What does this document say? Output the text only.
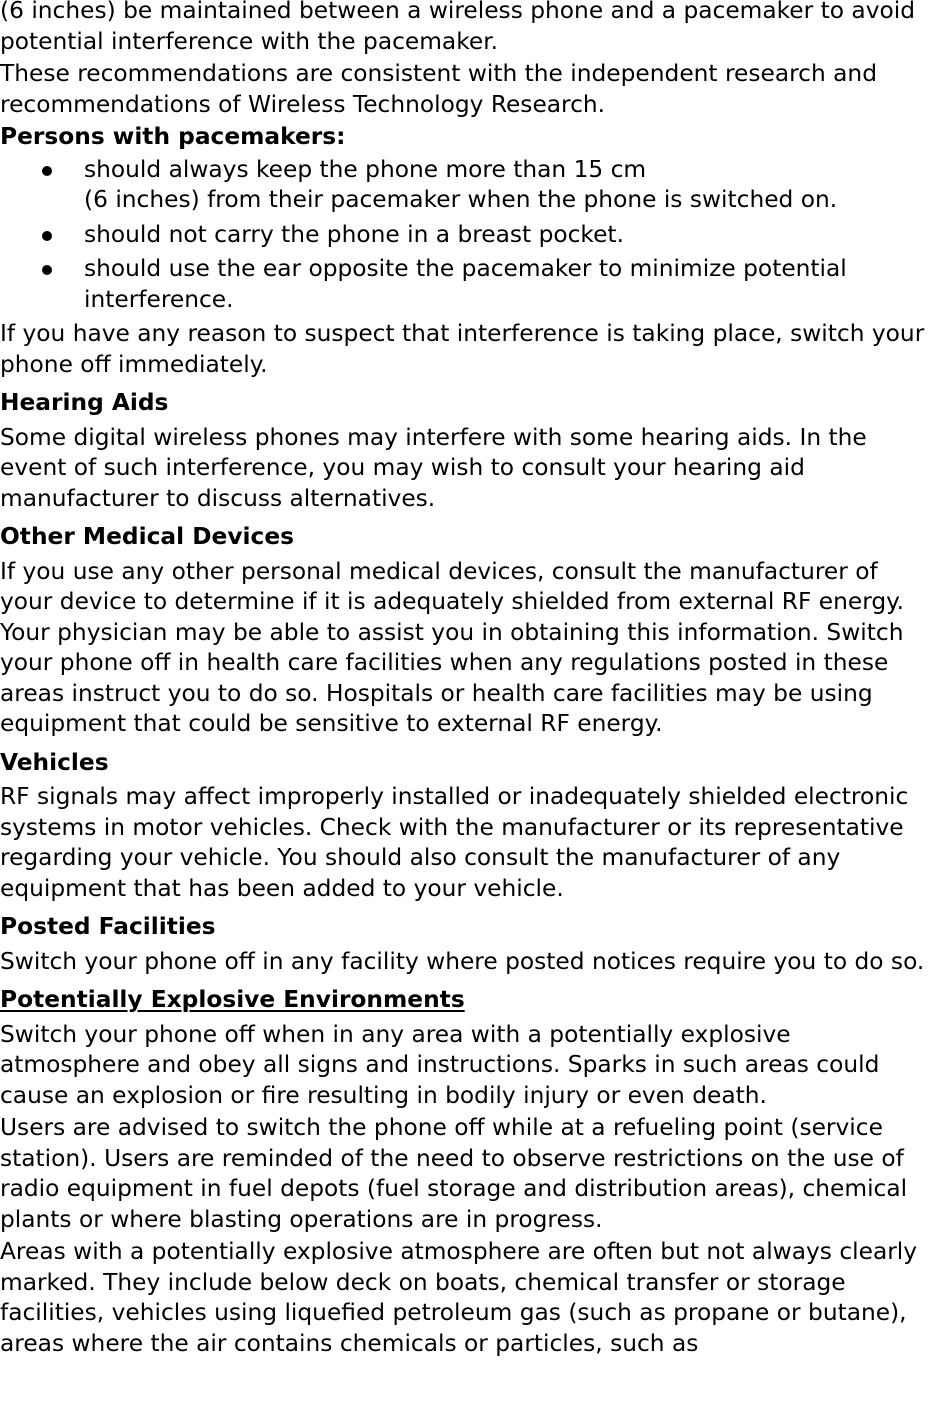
(6 inches) be maintained between a wireless phone and a pacemaker to avoid potential interference with the pacemaker.
These recommendations are consistent with the independent research and recommendations of Wireless Technology Research.
Persons with pacemakers:
should always keep the phone more than 15 cm
(6 inches) from their pacemaker when the phone is switched on.
should not carry the phone in a breast pocket.
should use the ear opposite the pacemaker to minimize potential interference.
If you have any reason to suspect that interference is taking place, switch your phone off immediately.
Hearing Aids
Some digital wireless phones may interfere with some hearing aids. In the event of such interference, you may wish to consult your hearing aid manufacturer to discuss alternatives.
Other Medical Devices
If you use any other personal medical devices, consult the manufacturer of your device to determine if it is adequately shielded from external RF energy. Your physician may be able to assist you in obtaining this information. Switch your phone off in health care facilities when any regulations posted in these areas instruct you to do so. Hospitals or health care facilities may be using equipment that could be sensitive to external RF energy.
Vehicles
RF signals may affect improperly installed or inadequately shielded electronic systems in motor vehicles. Check with the manufacturer or its representative regarding your vehicle. You should also consult the manufacturer of any equipment that has been added to your vehicle.
Posted Facilities
Switch your phone off in any facility where posted notices require you to do so.
Potentially Explosive Environments
Switch your phone off when in any area with a potentially explosive atmosphere and obey all signs and instructions. Sparks in such areas could cause an explosion or fire resulting in bodily injury or even death.
Users are advised to switch the phone off while at a refueling point (service station). Users are reminded of the need to observe restrictions on the use of radio equipment in fuel depots (fuel storage and distribution areas), chemical plants or where blasting operations are in progress.
Areas with a potentially explosive atmosphere are often but not always clearly marked. They include below deck on boats, chemical transfer or storage facilities, vehicles using liquefied petroleum gas (such as propane or butane), areas where the air contains chemicals or particles, such as
